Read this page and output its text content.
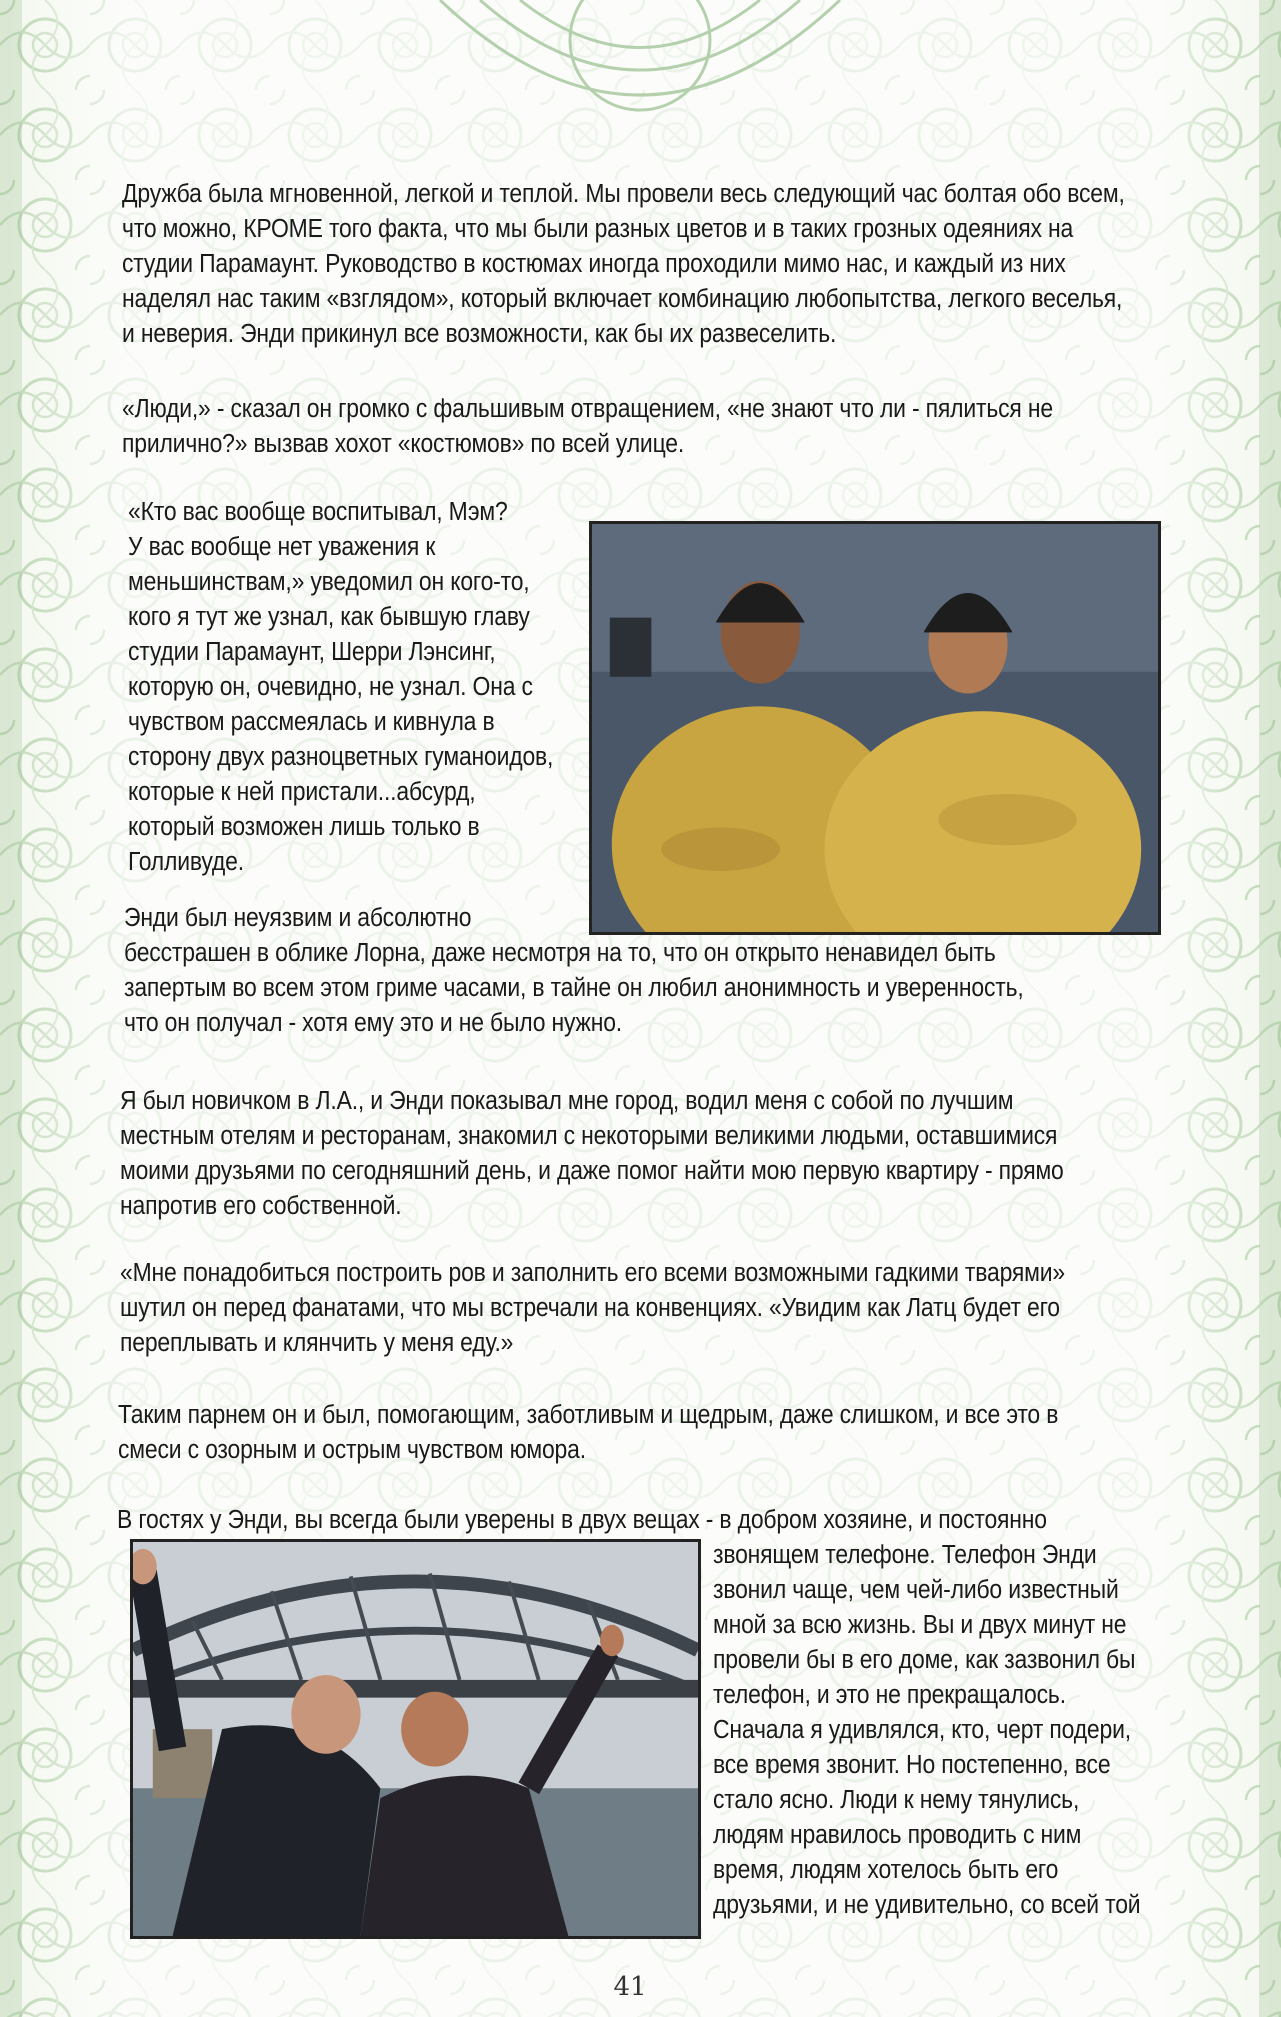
Дружба была мгновенной, легкой и теплой. Мы провели весь следующий час болтая обо всем,
что можно, КРОМЕ того факта, что мы были разных цветов и в таких грозных одеяниях на
студии Парамаунт. Руководство в костюмах иногда проходили мимо нас, и каждый из них
наделял нас таким «взглядом», который включает комбинацию любопытства, легкого веселья,
и неверия. Энди прикинул все возможности, как бы их развеселить.

«Люди,» - сказал он громко с фальшивым отвращением, «не знают что ли - пялиться не
прилично?» вызвав хохот «костюмов» по всей улице.

«Кто вас вообще воспитывал, Мэм?
У вас вообще нет уважения к
меньшинствам,» уведомил он кого-то,
кого я тут же узнал, как бывшую главу
студии Парамаунт, Шерри Лэнсинг,
которую он, очевидно, не узнал. Она с
чувством рассмеялась и кивнула в
сторону двух разноцветных гуманоидов,
которые к ней пристали...абсурд,
который возможен лишь только в
Голливуде.

Энди был неуязвим и абсолютно
бесстрашен в облике Лорна, даже несмотря на то, что он открыто ненавидел быть
запертым во всем этом гриме часами, в тайне он любил анонимность и уверенность,
что он получал - хотя ему это и не было нужно.

Я был новичком в Л.А., и Энди показывал мне город, водил меня с собой по лучшим
местным отелям и ресторанам, знакомил с некоторыми великими людьми, оставшимися
моими друзьями по сегодняшний день, и даже помог найти мою первую квартиру - прямо
напротив его собственной.

«Мне понадобиться построить ров и заполнить его всеми возможными гадкими тварями»
шутил он перед фанатами, что мы встречали на конвенциях. «Увидим как Латц будет его
переплывать и клянчить у меня еду.»

Таким парнем он и был, помогающим, заботливым и щедрым, даже слишком, и все это в
смеси с озорным и острым чувством юмора.

В гостях у Энди, вы всегда были уверены в двух вещах - в добром хозяине, и постоянно

звонящем телефоне. Телефон Энди
звонил чаще, чем чей-либо известный
мной за всю жизнь. Вы и двух минут не
провели бы в его доме, как зазвонил бы
телефон, и это не прекращалось.
Сначала я удивлялся, кто, черт подери,
все время звонит. Но постепенно, все
стало ясно. Люди к нему тянулись,
людям нравилось проводить с ним
время, людям хотелось быть его
друзьями, и не удивительно, со всей той

41
